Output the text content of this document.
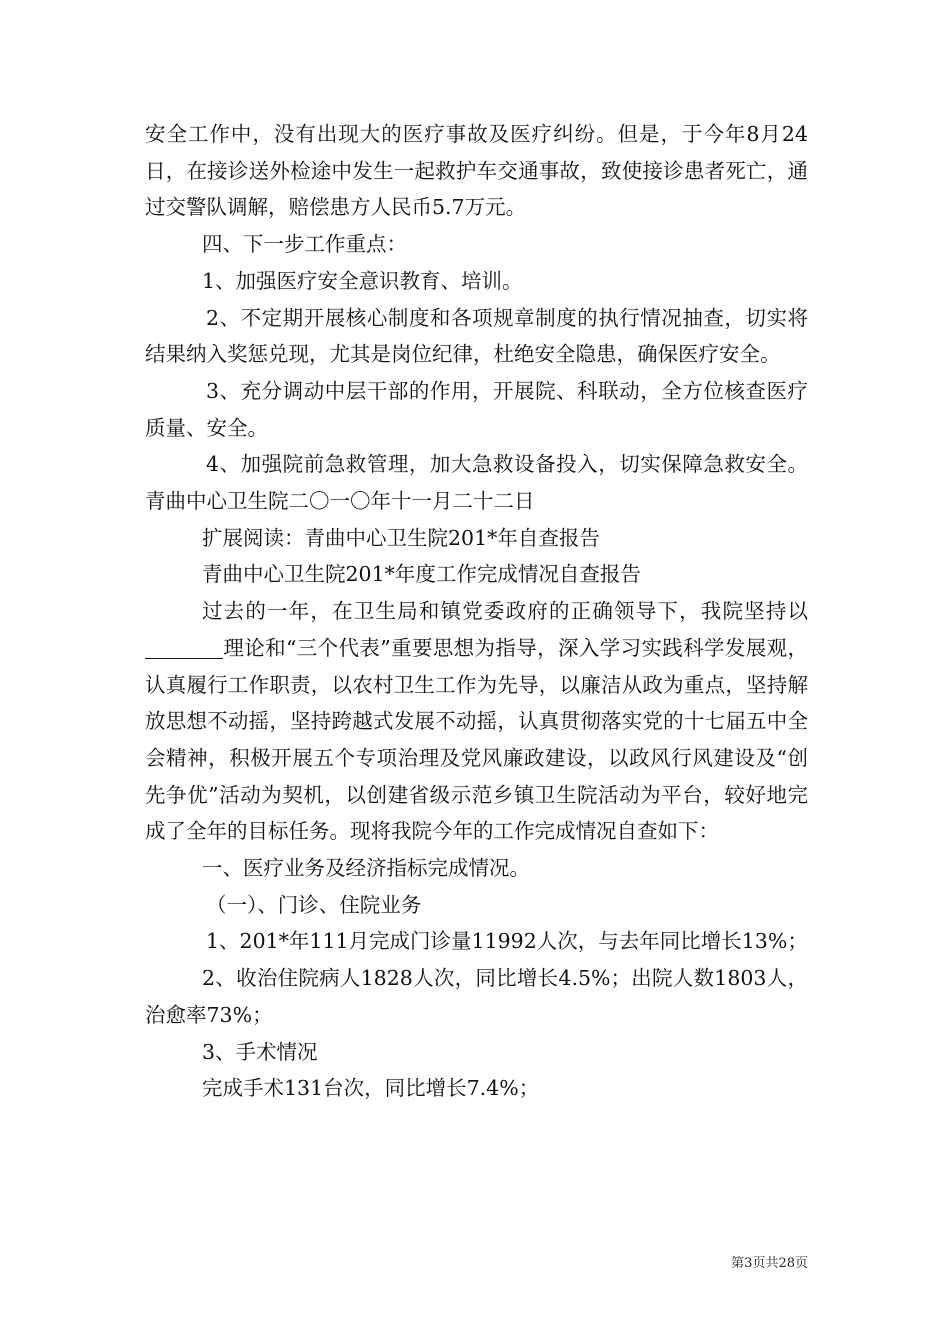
安全工作中，没有出现大的医疗事故及医疗纠纷。但是，于今年8月24日，在接诊送外检途中发生一起救护车交通事故，致使接诊患者死亡，通过交警队调解，赔偿患方人民币5.7万元。

四、下一步工作重点：

1、加强医疗安全意识教育、培训。

2、不定期开展核心制度和各项规章制度的执行情况抽查，切实将结果纳入奖惩兑现，尤其是岗位纪律，杜绝安全隐患，确保医疗安全。

3、充分调动中层干部的作用，开展院、科联动，全方位核查医疗质量、安全。

4、加强院前急救管理，加大急救设备投入，切实保障急救安全。青曲中心卫生院二〇一〇年十一月二十二日

扩展阅读：青曲中心卫生院201*年自查报告

青曲中心卫生院201*年度工作完成情况自查报告

过去的一年，在卫生局和镇党委政府的正确领导下，我院坚持以理论和“三个代表”重要思想为指导，深入学习实践科学发展观，认真履行工作职责，以农村卫生工作为先导，以廉洁从政为重点，坚持解放思想不动摇，坚持跨越式发展不动摇，认真贯彻落实党的十七届五中全会精神，积极开展五个专项治理及党风廉政建设，以政风行风建设及“创先争优”活动为契机，以创建省级示范乡镇卫生院活动为平台，较好地完成了全年的目标任务。现将我院今年的工作完成情况自查如下：

一、医疗业务及经济指标完成情况。

（一）、门诊、住院业务

1、201*年111月完成门诊量11992人次，与去年同比增长13%；

2、收治住院病人1828人次，同比增长4.5%；出院人数1803人，治愈率73%；

3、手术情况

完成手术131台次，同比增长7.4%；

第3页共28页
